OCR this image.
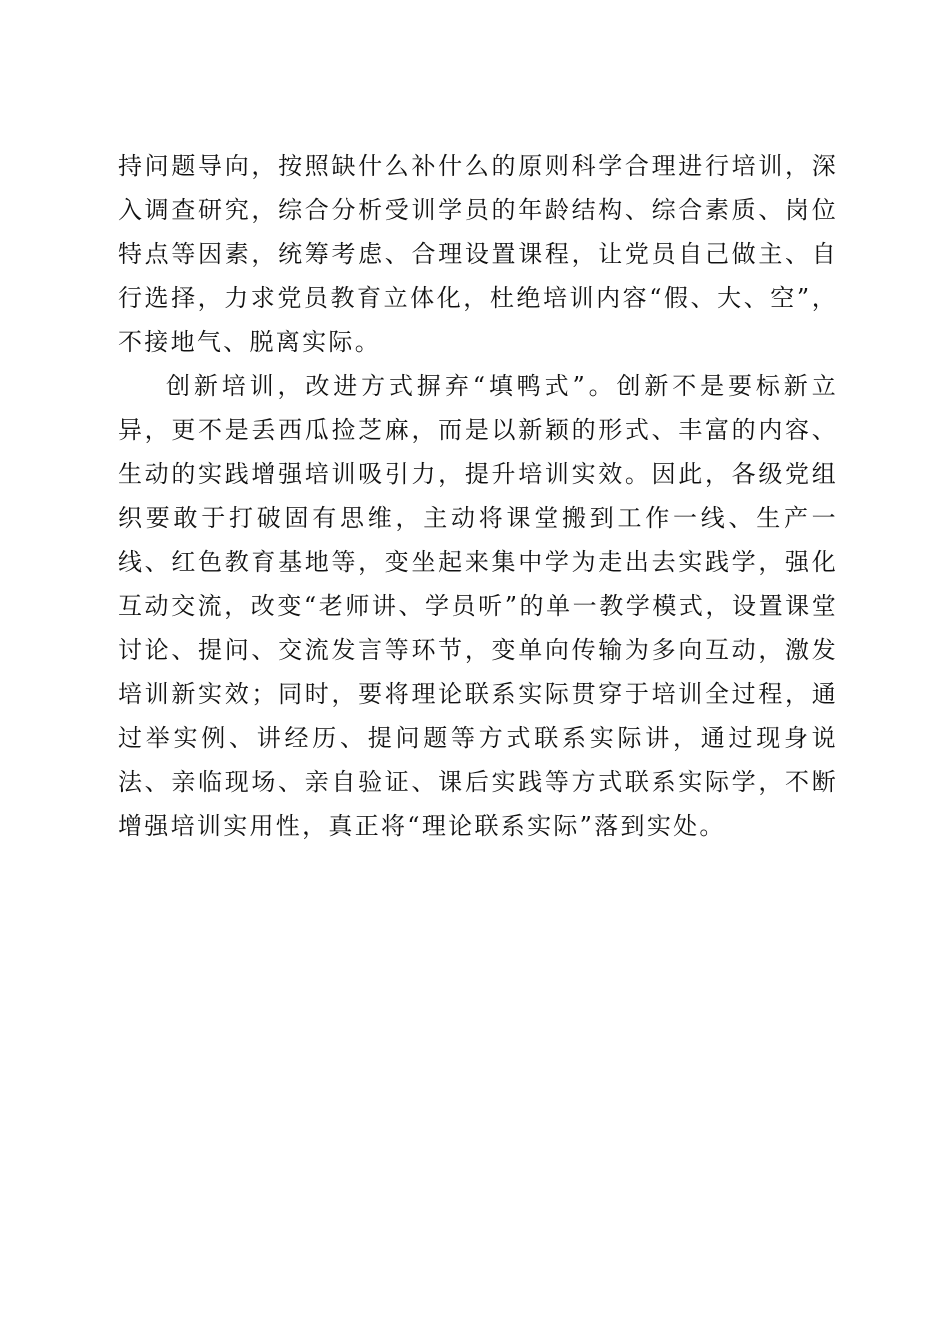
持问题导向，按照缺什么补什么的原则科学合理进行培训，深入调查研究，综合分析受训学员的年龄结构、综合素质、岗位特点等因素，统筹考虑、合理设置课程，让党员自己做主、自行选择，力求党员教育立体化，杜绝培训内容“假、大、空”，不接地气、脱离实际。

创新培训，改进方式摒弃“填鸭式”。创新不是要标新立异，更不是丢西瓜捡芝麻，而是以新颖的形式、丰富的内容、生动的实践增强培训吸引力，提升培训实效。因此，各级党组织要敢于打破固有思维，主动将课堂搬到工作一线、生产一线、红色教育基地等，变坐起来集中学为走出去实践学，强化互动交流，改变“老师讲、学员听”的单一教学模式，设置课堂讨论、提问、交流发言等环节，变单向传输为多向互动，激发培训新实效；同时，要将理论联系实际贯穿于培训全过程，通过举实例、讲经历、提问题等方式联系实际讲，通过现身说法、亲临现场、亲自验证、课后实践等方式联系实际学，不断增强培训实用性，真正将“理论联系实际”落到实处。
